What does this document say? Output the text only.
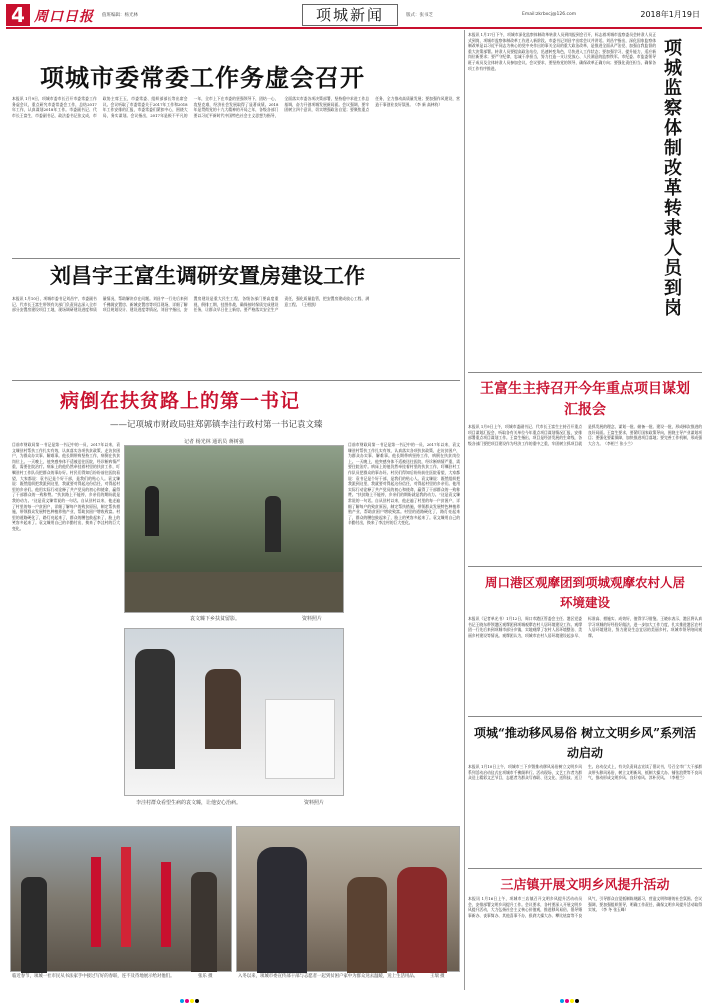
4 周口日报 值班编辑：杨光林	项城新闻	版式：张书芝	Email:zkrbxcj@126.com	2018年1月19日
项城市委常委工作务虚会召开
本报讯 1月9日，项城市委市长召开市委常委工作务虚会议，重点研究市委常委会工作，总结2017年工作，认真谋划2018年工作。市委副书记、代市长王富生，市委副书记、政法委书记张文成，市政协主席王玉，市委常委、组织部部长等出席会议。会议听取了市委常委关于2017年工作和2018年工作安排的汇报，市委常委们紧扣中心，围绕大局，务实谋划。会议指出，2017年是极不平凡的一年，全市上下在市委的坚强领导下，团结一心，攻坚克难，经济社会发展取得了显著成绩。2018年是贯彻党的十九大精神的开局之年，各级各部门要以习近平新时代中国特色社会主义思想为指导，全面落实市委各项决策部署，坚持稳中求进工作总基调，奋力开创项城发展新局面。会议强调，要牢固树立四个意识，切实增强政治自觉；要聚焦重点任务，全力推动高质量发展；要加强作风建设，营造干事创业良好氛围。（李 新 高林钧）
刘昌宇王富生调研安置房建设工作
本报讯 1月10日，项城市委书记刘昌宇，市委副书记、代市长王富生带领有关部门负责同志深入全市部分安置房建设项目工地，现场调研建设进度和质量情况，帮助解决存在问题。刘昌宇一行先后来到千佛阁安置房、新城安置房等项目现场，详细了解项目规划设计、建设进度等情况。刘昌宇指出，安置房建设是重大民生工程，各级各部门要高度重视，倒排工期，挂图作战，确保按时保质完成建设任务，让群众早日住上新房。要严格落实安全生产责任，强化质量监管，把安置房建成放心工程、满意工程。（王相凯）
病倒在扶贫路上的第一书记
——记项城市财政局驻郑郭镇李洼行政村第一书记袁文臻
记者 杨光林 通讯员 蒋树强
目前市财政局第一书记是第一书记中的一员，2017年以来，袁文臻驻村帮扶工作扎实有效，认真落实各项扶贫政策，走访贫困户，为群众办实事、解难事。他长期带病坚持工作，病倒在扶贫岗位上。一天晚上，他突感身体不适被送往医院，经诊断病情严重，需要住院治疗。病床上的他仍然牵挂着村里的扶贫工作，叮嘱驻村工作队员把群众的事办好。村民们得知后纷纷前往医院看望，大家都说：袁书记是个好干部，是我们的贴心人。袁文臻说：既然组织把我派到这里，我就要对得起这份信任，对得起村里的乡亲们。他用实际行动诠释了共产党员的初心和使命，赢得了干部群众的一致称赞。“扶贫路上不能停，乡亲们的期盼就是我的动力。”这是袁文臻常说的一句话。自从驻村以来，他走遍了村里的每一户贫困户，详细了解每户的致贫原因，制定帮扶措施，带领群众发展特色种植养殖产业，帮助贫困户增收致富。村里的道路硬化了，路灯亮起来了，群众的腰包鼓起来了，脸上的笑容多起来了。袁文臻用自己的辛勤付出，换来了李洼村的巨大变化。
目前市财政局第一书记是第一书记中的一员，2017年以来，袁文臻驻村帮扶工作扎实有效，认真落实各项扶贫政策，走访贫困户，为群众办实事、解难事。他长期带病坚持工作，病倒在扶贫岗位上。一天晚上，他突感身体不适被送往医院，经诊断病情严重，需要住院治疗。病床上的他仍然牵挂着村里的扶贫工作，叮嘱驻村工作队员把群众的事办好。村民们得知后纷纷前往医院看望，大家都说：袁书记是个好干部，是我们的贴心人。袁文臻说：既然组织把我派到这里，我就要对得起这份信任，对得起村里的乡亲们。他用实际行动诠释了共产党员的初心和使命，赢得了干部群众的一致称赞。“扶贫路上不能停，乡亲们的期盼就是我的动力。”这是袁文臻常说的一句话。自从驻村以来，他走遍了村里的每一户贫困户，详细了解每户的致贫原因，制定帮扶措施，带领群众发展特色种植养殖产业，帮助贫困户增收致富。村里的道路硬化了，路灯亮起来了，群众的腰包鼓起来了，脸上的笑容多起来了。袁文臻用自己的辛勤付出，换来了李洼村的巨大变化。
袁文臻下乡扶贫留影。	资料照片
李洼村群众看望生病的袁文臻，让他安心治病。	资料照片
临近春节，项城一社市民从书法家手中接过写好的春联，连不及待地展示给对他们。	张乐 摄	入冬以来，项城市委宣传部干部与志愿者一起到贫困户家中为群众送去温暖，送上生活用品。	王瑞 摄
本报讯 1月17日下午，项城市深化监察体制改革转隶人员到岗报到会召开，标志着项城市监察委员会转隶人员正式到岗，项城市监察体制改革工作进入新阶段。市委书记刘昌宇出席会议并讲话。刘昌宇指出，深化国家监察体制改革是以习近平同志为核心的党中央作出的事关全局的重大政治改革，是推进全面从严治党、加强自我监督的重大决策部署。转隶人员要提高政治站位，迅速转变角色，尽快进入工作状态；要加强学习，提升能力，适应新岗位新要求；要严守纪律，忠诚干净担当，努力打造一支让党放心、人民满意的监察铁军。市纪委、市监委领导班子成员及全体转隶人员参加会议。会议要求，要坚持党的领导，确保改革正确方向；要强化责任担当，确保各项工作有序推进。	项城监察体制改革转隶人员到岗
王富生主持召开今年重点项目谋划汇报会
本报讯 1月9日上午，项城市委副书记、代市长王富生主持召开重点项目谋划汇报会，听取各有关单位今年重点项目谋划情况汇报，安排部署重点项目谋划工作。王富生指出，项目是经济发展的生命线，各级各部门要把项目建设作为经济工作的重中之重，牢固树立抓项目就是抓发展的理念，谋划一批、储备一批、建设一批，形成梯次推进的良好局面。王富生要求，要紧盯国家政策导向，围绕主导产业谋划项目；要强化要素保障，加快推进项目落地；要完善工作机制，形成强大合力。（李相兰 张小兰）
周口港区观摩团到项城观摩农村人居环境建设
本报讯（记者单光书）1月12日，周口市港区管委会主任、港区党委书记王晓东带领港区观摩团到项城观摩农村人居环境建设工作。观摩团一行先后来到项城市部分乡镇，实地观摩了农村人居环境整治、美丽乡村建设等情况。观摩团认为，项城市农村人居环境建设起步早、标准高、措施实、成效好，值得学习借鉴。王晓东表示，港区将认真学习项城的好经验好做法，进一步加大工作力度，扎实推进港区农村人居环境建设，努力建设生态宜居的美丽乡村。项城市领导陪同观摩。
项城“推动移风易俗 树立文明乡风”系列活动启动
本报讯 1月10日上午，项城市三下乡暨推动移风易俗树立文明乡风系列活动启动仪式在项城市千佛阁举行。活动现场，文艺工作者为群众送上精彩文艺节目，志愿者为群众写春联、送文化、送科技、送卫生。启动仪式上，有关负责同志宣读了倡议书，号召全市广大干部群众带头移风易俗，树立文明新风，抵制大操大办、铺张浪费等不良风气，推动形成文明乡风、良好家风、淳朴民风。（李相兰）
三店镇开展文明乡风提升活动
本报讯 1月16日上午，项城市三店镇召开文明乡风提升活动动员会，安排部署文明乡风提升工作。会议要求，各村要深入开展文明乡风提升活动，大力弘扬社会主义核心价值观，推进移风易俗，倡导婚事新办、丧事简办、其他喜事不办，狠刹大操大办、攀比炫富等不良风气，引导群众自觉抵制陈规陋习，营造文明和谐的社会氛围。会议强调，要加强组织领导，明确工作责任，确保文明乡风提升活动取得实效。（李 冬 张玉峰）
